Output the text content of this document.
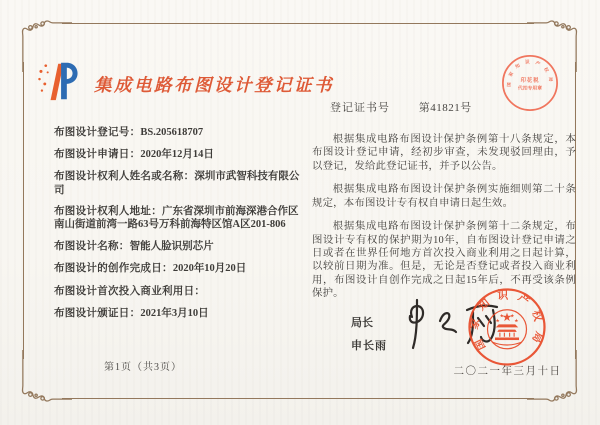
集成电路布图设计登记证书
登记证书号	第41821号
国家知识产权局
印花税
代扣专用章
布图设计登记号：BS.205618707
布图设计申请日：2020年12月14日
布图设计权利人姓名或名称：深圳市武智科技有限公司
布图设计权利人地址：广东省深圳市前海深港合作区南山街道前湾一路63号万科前海特区馆A区201-806
布图设计名称：智能人脸识别芯片
布图设计的创作完成日：2020年10月20日
布图设计首次投入商业利用日：
布图设计颁证日：2021年3月10日

根据集成电路布图设计保护条例第十八条规定，本布图设计登记申请，经初步审查，未发现驳回理由，予以登记，发给此登记证书，并予以公告。

根据集成电路布图设计保护条例实施细则第二十条规定，本布图设计专有权自申请日起生效。

根据集成电路布图设计保护条例第十二条规定，布图设计专有权的保护期为10年，自布图设计登记申请之日或者在世界任何地方首次投入商业利用之日起计算，以较前日期为准。但是，无论是否登记或者投入商业利用，布图设计自创作完成之日起15年后，不再受该条例保护。

局长
申长雨
二〇二一年三月十日
国家知识产权局
第1页（共3页）
